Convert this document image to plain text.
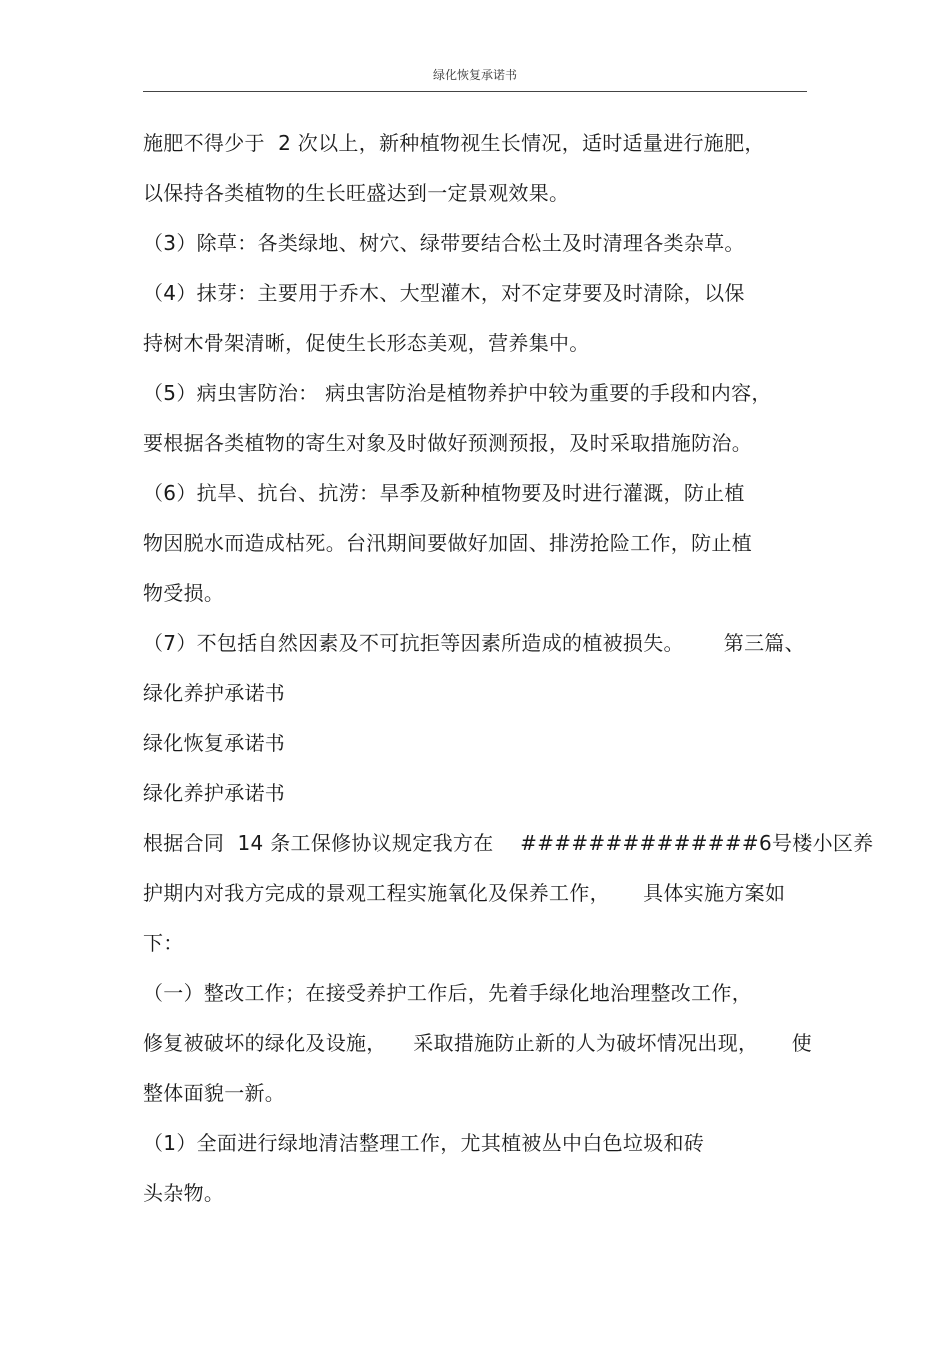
绿化恢复承诺书
施肥不得少于  2 次以上，新种植物视生长情况，适时适量进行施肥，
以保持各类植物的生长旺盛达到一定景观效果。
（3）除草：各类绿地、树穴、绿带要结合松土及时清理各类杂草。
（4）抹芽：主要用于乔木、大型灌木，对不定芽要及时清除，以保
持树木骨架清晰，促使生长形态美观，营养集中。
（5）病虫害防治： 病虫害防治是植物养护中较为重要的手段和内容，
要根据各类植物的寄生对象及时做好预测预报，及时采取措施防治。
（6）抗旱、抗台、抗涝：旱季及新种植物要及时进行灌溉，防止植
物因脱水而造成枯死。台汛期间要做好加固、排涝抢险工作，防止植
物受损。
（7）不包括自然因素及不可抗拒等因素所造成的植被损失。      第三篇、
绿化养护承诺书
绿化恢复承诺书
绿化养护承诺书
根据合同  14 条工保修协议规定我方在    ##############6号楼小区养
护期内对我方完成的景观工程实施氧化及保养工作，     具体实施方案如
下：
（一）整改工作；在接受养护工作后，先着手绿化地治理整改工作，
修复被破坏的绿化及设施，    采取措施防止新的人为破坏情况出现，     使
整体面貌一新。
（1）全面进行绿地清洁整理工作，尤其植被丛中白色垃圾和砖
头杂物。
